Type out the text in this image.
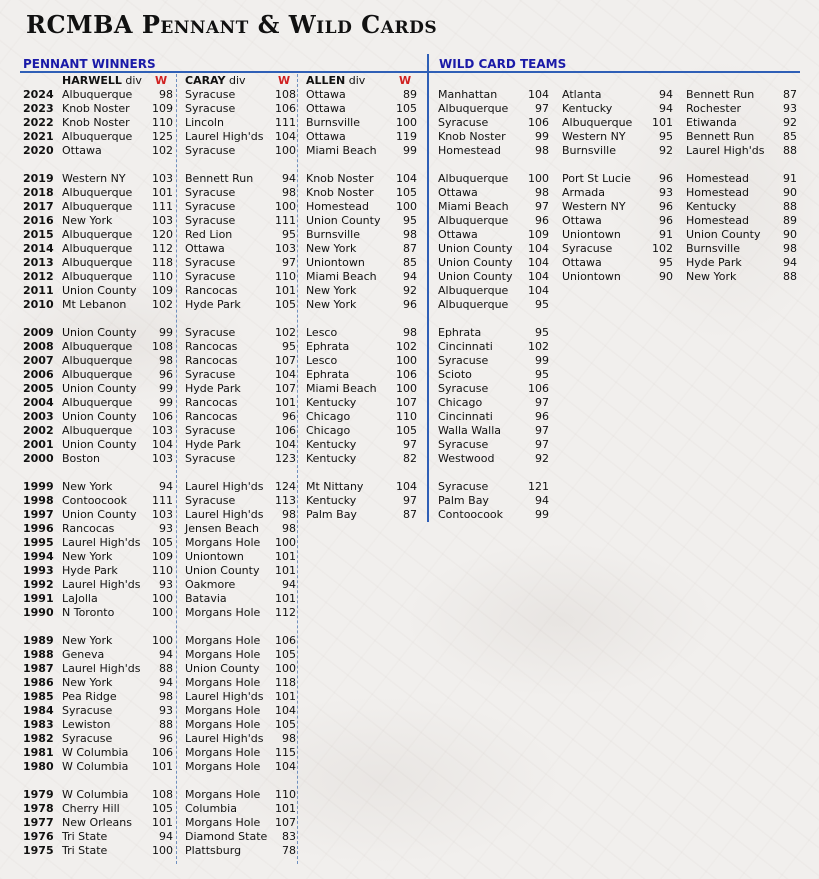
RCMBA Pennant & Wild Cards
PENNANT WINNERS	WILD CARD TEAMS
HARWELL div W CARAY div	W ALLEN div	W
2024 Albuquerque	98 Syracuse	108 Ottawa	89 Manhattan	104 Atlanta	94 Bennett Run	87
2023 Knob Noster	109 Syracuse	106 Ottawa	105 Albuquerque	97 Kentucky	94 Rochester	93
2022 Knob Noster	110 Lincoln	111 Burnsville	100 Syracuse	106 Albuquerque	101 Etiwanda	92
2021 Albuquerque	125 Laurel High'ds	104 Ottawa	119 Knob Noster	99 Western NY	95 Bennett Run	85
2020 Ottawa	102 Syracuse	100 Miami Beach	99 Homestead	98 Burnsville	92 Laurel High'ds	88
2019 Western NY	103 Bennett Run	94 Knob Noster	104 Albuquerque	100 Port St Lucie	96 Homestead	91
2018 Albuquerque	101 Syracuse	98 Knob Noster	105 Ottawa	98 Armada	93 Homestead	90
2017 Albuquerque	111 Syracuse	100 Homestead	100 Miami Beach	97 Western NY	96 Kentucky	88
2016 New York	103 Syracuse	111 Union County	95 Albuquerque	96 Ottawa	96 Homestead	89
2015 Albuquerque	120 Red Lion	95 Burnsville	98 Ottawa	109 Uniontown	91 Union County	90
2014 Albuquerque	112 Ottawa	103 New York	87 Union County	104 Syracuse	102 Burnsville	98
2013 Albuquerque	118 Syracuse	97 Uniontown	85 Union County	104 Ottawa	95 Hyde Park	94
2012 Albuquerque	110 Syracuse	110 Miami Beach	94 Union County	104 Uniontown	90 New York	88
2011 Union County	109 Rancocas	101 New York	92 Albuquerque	104
2010 Mt Lebanon	102 Hyde Park	105 New York	96 Albuquerque	95
2009 Union County	99 Syracuse	102 Lesco	98 Ephrata	95
2008 Albuquerque	108 Rancocas	95 Ephrata	102 Cincinnati	102
2007 Albuquerque	98 Rancocas	107 Lesco	100 Syracuse	99
2006 Albuquerque	96 Syracuse	104 Ephrata	106 Scioto	95
2005 Union County	99 Hyde Park	107 Miami Beach	100 Syracuse	106
2004 Albuquerque	99 Rancocas	101 Kentucky	107 Chicago	97
2003 Union County	106 Rancocas	96 Chicago	110 Cincinnati	96
2002 Albuquerque	103 Syracuse	106 Chicago	105 Walla Walla	97
2001 Union County	104 Hyde Park	104 Kentucky	97 Syracuse	97
2000 Boston	103 Syracuse	123 Kentucky	82 Westwood	92
1999 New York	94 Laurel High'ds	124 Mt Nittany	104 Syracuse	121
1998 Contoocook	111 Syracuse	113 Kentucky	97 Palm Bay	94
1997 Union County	103 Laurel High'ds	98 Palm Bay	87 Contoocook	99
1996 Rancocas	93 Jensen Beach	98
1995 Laurel High'ds	105 Morgans Hole	100
1994 New York	109 Uniontown	101
1993 Hyde Park	110 Union County	101
1992 Laurel High'ds	93 Oakmore	94
1991 LaJolla	100 Batavia	101
1990 N Toronto	100 Morgans Hole	112
1989 New York	100 Morgans Hole	106
1988 Geneva	94 Morgans Hole	105
1987 Laurel High'ds	88 Union County	100
1986 New York	94 Morgans Hole	118
1985 Pea Ridge	98 Laurel High'ds	101
1984 Syracuse	93 Morgans Hole	104
1983 Lewiston	88 Morgans Hole	105
1982 Syracuse	96 Laurel High'ds	98
1981 W Columbia	106 Morgans Hole	115
1980 W Columbia	101 Morgans Hole	104
1979 W Columbia	108 Morgans Hole	110
1978 Cherry Hill	105 Columbia	101
1977 New Orleans	101 Morgans Hole	107
1976 Tri State	94 Diamond State	83
1975 Tri State	100 Plattsburg	78
